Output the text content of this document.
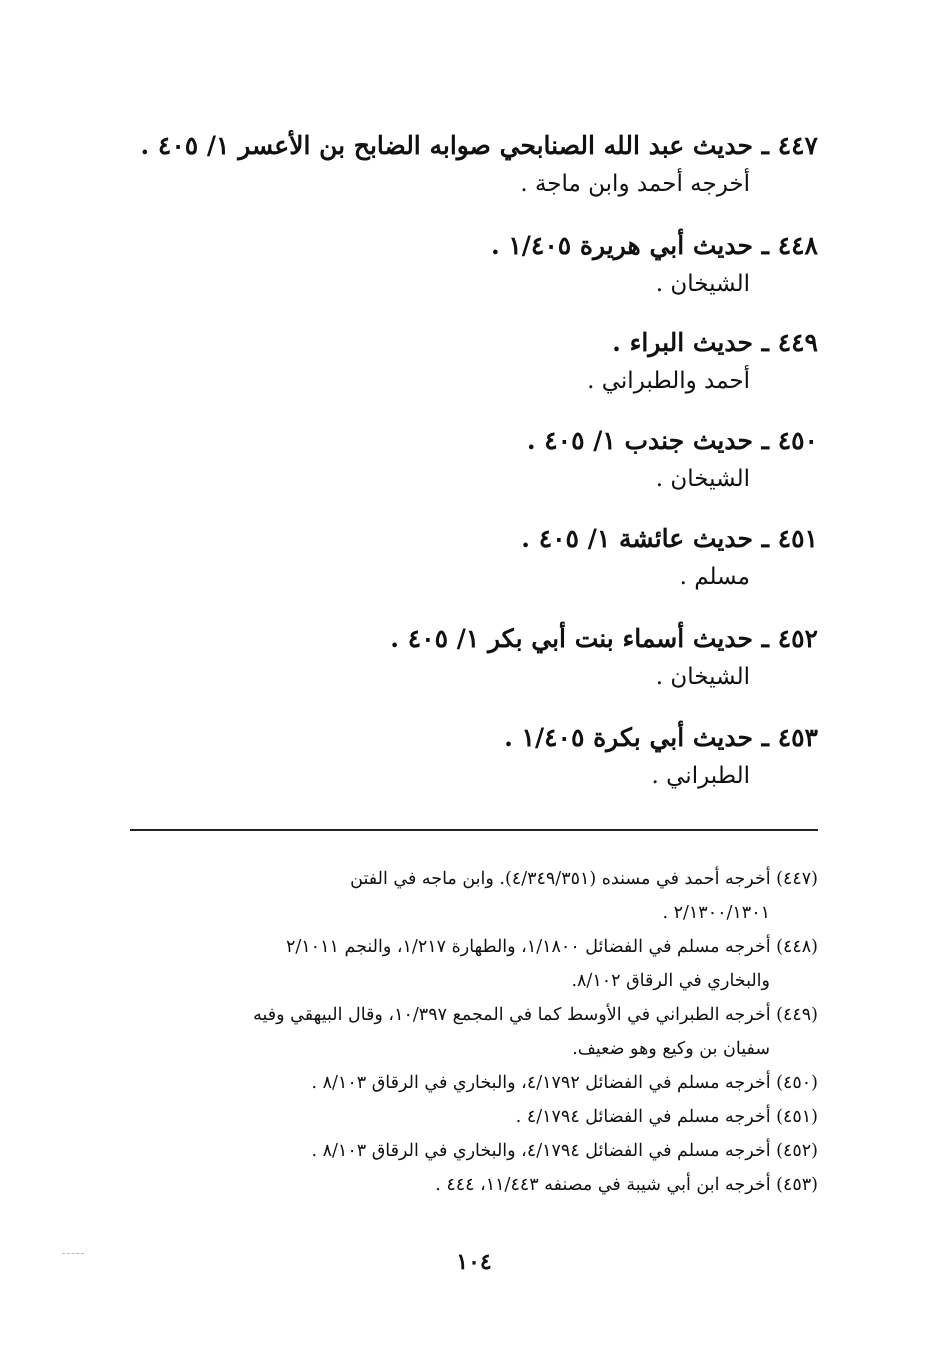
٤٤٧ ـ حديث عبد الله الصنابحي صوابه الضابح بن الأعسر ١/ ٤٠٥ .
أخرجه أحمد وابن ماجة .
٤٤٨ ـ حديث أبي هريرة ١/٤٠٥ .
الشيخان .
٤٤٩ ـ حديث البراء .
أحمد والطبراني .
٤٥٠ ـ حديث جندب ١/ ٤٠٥ .
الشيخان .
٤٥١ ـ حديث عائشة ١/ ٤٠٥ .
مسلم .
٤٥٢ ـ حديث أسماء بنت أبي بكر ١/ ٤٠٥ .
الشيخان .
٤٥٣ ـ حديث أبي بكرة ١/٤٠٥ .
الطبراني .
(٤٤٧) أخرجه أحمد في مسنده (٤/٣٤٩/٣٥١). وابن ماجه في الفتن
٢/١٣٠٠/١٣٠١ .
(٤٤٨) أخرجه مسلم في الفضائل ١/١٨٠٠، والطهارة ١/٢١٧، والنجم ٢/١٠١١
والبخاري في الرقاق ٨/١٠٢.
(٤٤٩) أخرجه الطبراني في الأوسط كما في المجمع ١٠/٣٩٧، وقال البيهقي وفيه
سفيان بن وكيع وهو ضعيف.
(٤٥٠) أخرجه مسلم في الفضائل ٤/١٧٩٢، والبخاري في الرقاق ٨/١٠٣ .
(٤٥١) أخرجه مسلم في الفضائل ٤/١٧٩٤ .
(٤٥٢) أخرجه مسلم في الفضائل ٤/١٧٩٤، والبخاري في الرقاق ٨/١٠٣ .
(٤٥٣) أخرجه ابن أبي شيبة في مصنفه ١١/٤٤٣، ٤٤٤ .
١٠٤
